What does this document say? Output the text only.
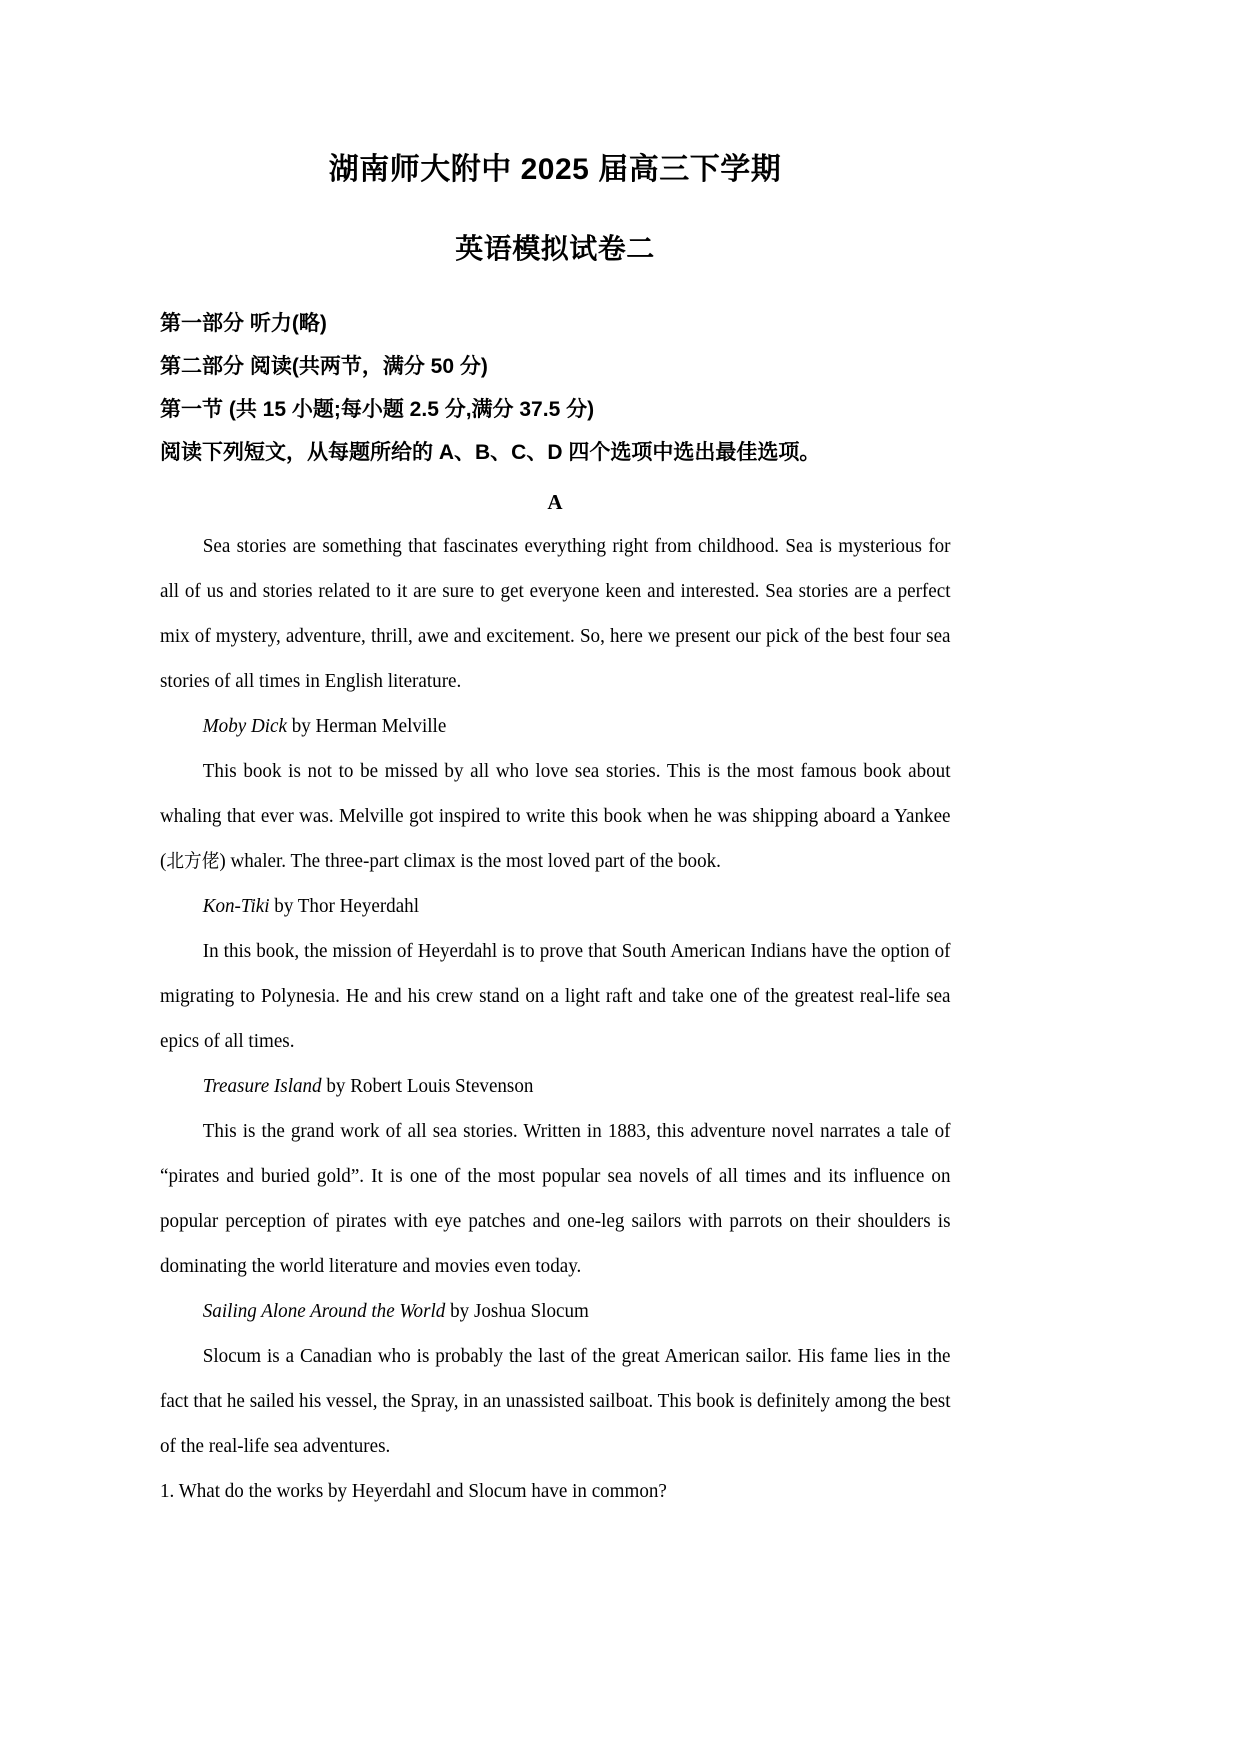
湖南师大附中 2025 届高三下学期
英语模拟试卷二

第一部分 听力(略)

第二部分 阅读(共两节，满分 50 分)

第一节 (共 15 小题;每小题 2.5 分,满分 37.5 分)

阅读下列短文，从每题所给的 A、B、C、D 四个选项中选出最佳选项。

A

Sea stories are something that fascinates everything right from childhood. Sea is mysterious for all of us and stories related to it are sure to get everyone keen and interested. Sea stories are a perfect mix of mystery, adventure, thrill, awe and excitement. So, here we present our pick of the best four sea stories of all times in English literature.

Moby Dick by Herman Melville

This book is not to be missed by all who love sea stories. This is the most famous book about whaling that ever was. Melville got inspired to write this book when he was shipping aboard a Yankee (北方佬) whaler. The three-part climax is the most loved part of the book.

Kon-Tiki by Thor Heyerdahl

In this book, the mission of Heyerdahl is to prove that South American Indians have the option of migrating to Polynesia. He and his crew stand on a light raft and take one of the greatest real-life sea epics of all times.

Treasure Island by Robert Louis Stevenson

This is the grand work of all sea stories. Written in 1883, this adventure novel narrates a tale of “pirates and buried gold”. It is one of the most popular sea novels of all times and its influence on popular perception of pirates with eye patches and one-leg sailors with parrots on their shoulders is dominating the world literature and movies even today.

Sailing Alone Around the World by Joshua Slocum

Slocum is a Canadian who is probably the last of the great American sailor. His fame lies in the fact that he sailed his vessel, the Spray, in an unassisted sailboat. This book is definitely among the best of the real-life sea adventures.

1. What do the works by Heyerdahl and Slocum have in common?
